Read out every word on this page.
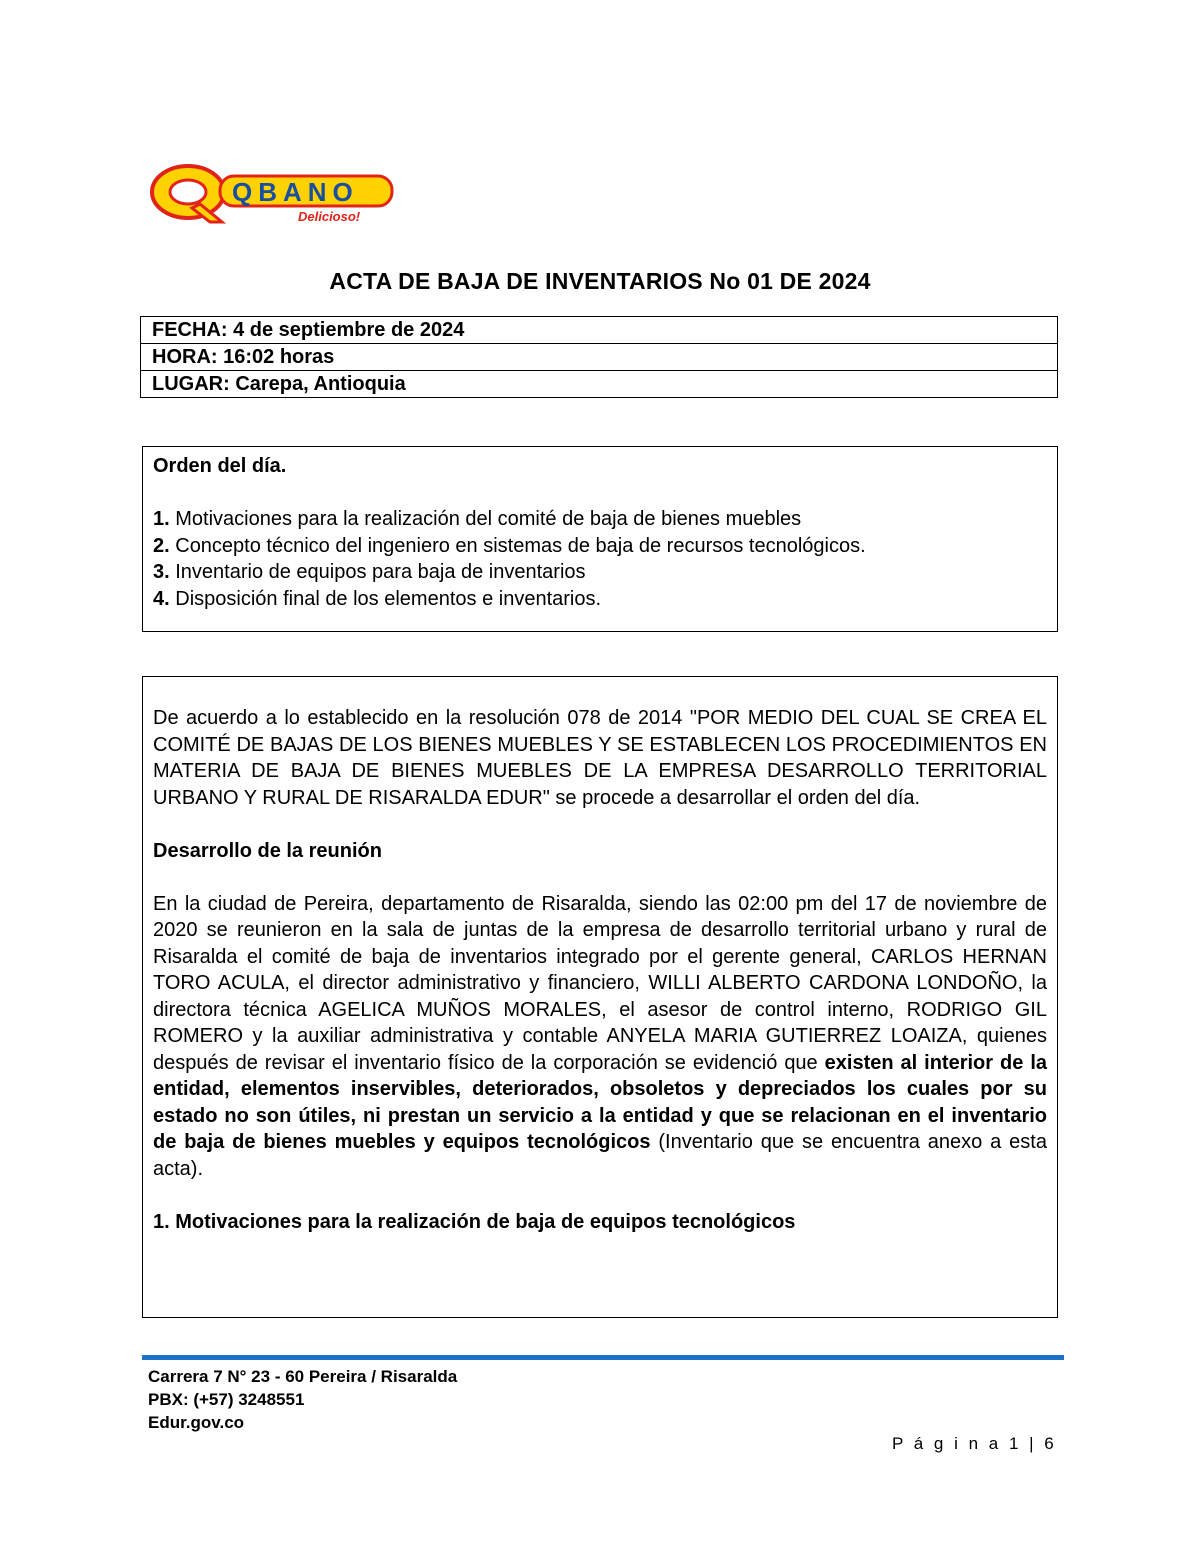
QBANO
Delicioso!
ACTA DE BAJA DE INVENTARIOS No 01 DE 2024
FECHA: 4 de septiembre de 2024
HORA: 16:02 horas
LUGAR: Carepa, Antioquia
Orden del día.
1. Motivaciones para la realización del comité de baja de bienes muebles
2. Concepto técnico del ingeniero en sistemas de baja de recursos tecnológicos.
3. Inventario de equipos para baja de inventarios
4. Disposición final de los elementos e inventarios.

De acuerdo a lo establecido en la resolución 078 de 2014 "POR MEDIO DEL CUAL SE CREA EL COMITÉ DE BAJAS DE LOS BIENES MUEBLES Y SE ESTABLECEN LOS PROCEDIMIENTOS EN MATERIA DE BAJA DE BIENES MUEBLES DE LA EMPRESA DESARROLLO TERRITORIAL URBANO Y RURAL DE RISARALDA EDUR" se procede a desarrollar el orden del día.

Desarrollo de la reunión

En la ciudad de Pereira, departamento de Risaralda, siendo las 02:00 pm del 17 de noviembre de 2020 se reunieron en la sala de juntas de la empresa de desarrollo territorial urbano y rural de Risaralda el comité de baja de inventarios integrado por el gerente general, CARLOS HERNAN TORO ACULA, el director administrativo y financiero, WILLI ALBERTO CARDONA LONDOÑO, la directora técnica AGELICA MUÑOS MORALES, el asesor de control interno, RODRIGO GIL ROMERO y la auxiliar administrativa y contable ANYELA MARIA GUTIERREZ LOAIZA, quienes después de revisar el inventario físico de la corporación se evidenció que existen al interior de la entidad, elementos inservibles, deteriorados, obsoletos y depreciados los cuales por su estado no son útiles, ni prestan un servicio a la entidad y que se relacionan en el inventario de baja de bienes muebles y equipos tecnológicos (Inventario que se encuentra anexo a esta acta).

1. Motivaciones para la realización de baja de equipos tecnológicos

Carrera 7 N° 23 - 60 Pereira / Risaralda
PBX: (+57) 3248551
Edur.gov.co
P á g i n a 1 | 6
